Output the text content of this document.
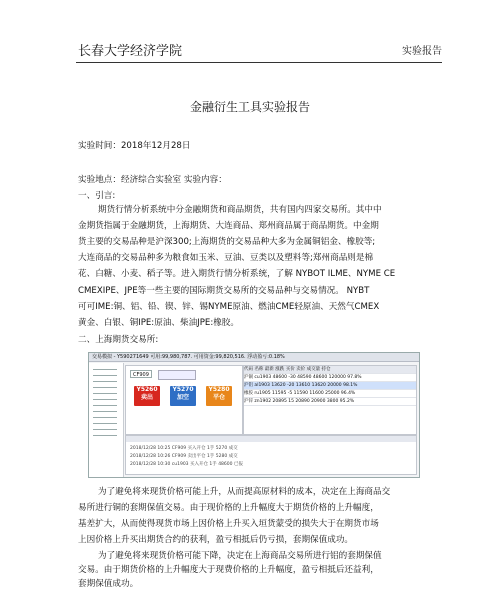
长春大学经济学院	实验报告
金融衍生工具实验报告
实验时间：2018年12月28日
实验地点：经济综合实验室 实验内容：
一、引言:
期货行情分析系统中分金融期货和商品期货，共有国内四家交易所。其中中
金期货指属于金融期货，上海期货、大连商品、郑州商品属于商品期货。中金期
货主要的交易品种是沪深300;上海期货的交易品种大多为金属铜铝金、橡胶等;
大连商品的交易品种多为粮食如玉米、豆油、豆类以及塑料等;郑州商品则是棉
花、白糖、小麦、稻子等。进入期货行情分析系统，了解 NYBOT ILME、NYME CE
CMEXIPE、JPE等一些主要的国际期货交易所的交易品种与交易情况。 NYBT
可可IME:铜、铝、铅、锲、锌、锡NYME原油、燃油CME轻原油、天然气CMEX
黄金、白银、铜IPE:原油、柴油JPE:橡胶。
二、上海期货交易所:
交易模拟 - Y590271649 可用:99,980,787. 可用资金:99,820,516. 浮动盈亏:0.18%
CF909
Y5260
卖出
Y5270
加空
Y5280
平仓
代码 名称 最新 涨跌 买价 卖价 成交量 持仓
沪铜 cu1903 48600 -30 48590 48600 120000 97.8%
沪铝 al1903 13620 -20 13610 13620 20000 98.1%
橡胶 ru1905 11595 -5 11590 11600 25000 96.4%
沪锌 zn1902 20895 15 20890 20900 3800 95.2%
2018/12/28 10:25 CF909 买入开仓 1手 5270 成交
2018/12/28 10:26 CF909 卖出平仓 1手 5280 成交
2018/12/28 10:30 cu1903 买入开仓 1手 48600 已报
为了避免将来现货价格可能上升，从而提高原材料的成本，决定在上海商品交
易所进行铜的套期保值交易。由于现价格的上升幅度大于期货价格的上升幅度，
基差扩大，从而使得现货市场上因价格上升买入垣货蒙受的损失大于在期货市场
上因价格上升买出期货合约的获利，盈亏相抵后仍亏损，套期保值成功。
为了避免将来现货价格可能下降，决定在上海商品交易所进行铝的套期保值
交易。由于期货价格的上升幅度大于现费价格的上升幅度，盈亏相抵后还益利，
套期保值成功。
